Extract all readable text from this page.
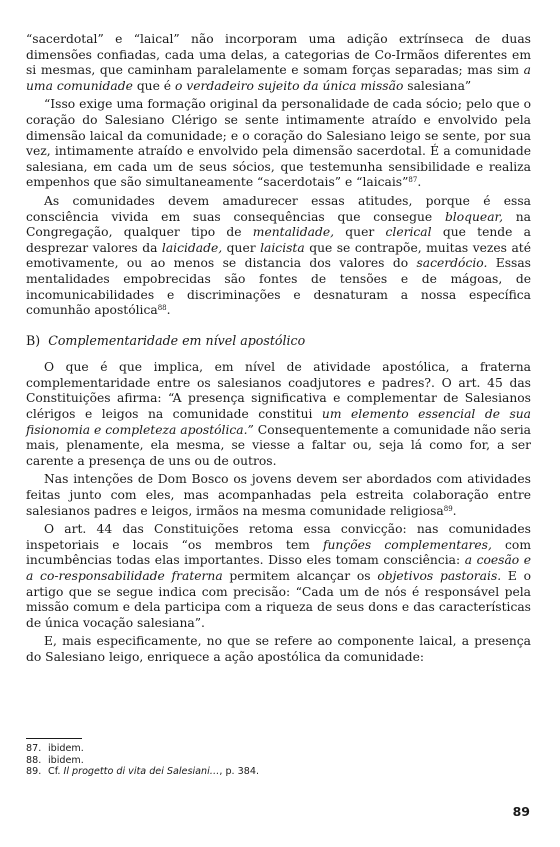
“sacerdotal” e “laical” não incorporam uma adição extrínseca de duas dimensões confiadas, cada uma delas, a categorias de Co-Irmãos diferentes em si mesmas, que caminham paralelamente e somam forças separadas; mas sim a uma comunidade que é o verdadeiro sujeito da única missão salesiana”

“Isso exige uma formação original da personalidade de cada sócio; pelo que o coração do Salesiano Clérigo se sente intimamente atraído e envolvido pela dimensão laical da comunidade; e o coração do Salesiano leigo se sente, por sua vez, intimamente atraído e envolvido pela dimensão sacerdotal. É a comunidade salesiana, em cada um de seus sócios, que testemunha sensibilidade e realiza empenhos que são simultaneamente “sacerdotais” e “laicais”$^{87}$.

As comunidades devem amadurecer essas atitudes, porque é essa consciência vivida em suas consequências que consegue bloquear, na Congregação, qualquer tipo de mentalidade, quer clerical que tende a desprezar valores da laicidade, quer laicista que se contrapõe, muitas vezes até emotivamente, ou ao menos se distancia dos valores do sacerdócio. Essas mentalidades empobrecidas são fontes de tensões e de mágoas, de incomunicabilidades e discriminações e desnaturam a nossa específica comunhão apostólica$^{88}$.

B) Complementaridade em nível apostólico

O que é que implica, em nível de atividade apostólica, a fraterna complementaridade entre os salesianos coadjutores e padres?. O art. 45 das Constituições afirma: “A presença significativa e complementar de Salesianos clérigos e leigos na comunidade constitui um elemento essencial de sua fisionomia e completeza apostólica.” Consequentemente a comunidade não seria mais, plenamente, ela mesma, se viesse a faltar ou, seja lá como for, a ser carente a presença de uns ou de outros.

Nas intenções de Dom Bosco os jovens devem ser abordados com atividades feitas junto com eles, mas acompanhadas pela estreita colaboração entre salesianos padres e leigos, irmãos na mesma comunidade religiosa$^{89}$.

O art. 44 das Constituições retoma essa convicção: nas comunidades inspetoriais e locais “os membros tem funções complementares, com incumbências todas elas importantes. Disso eles tomam consciência: a coesão e a co-responsabilidade fraterna permitem alcançar os objetivos pastorais. E o artigo que se segue indica com precisão: “Cada um de nós é responsável pela missão comum e dela participa com a riqueza de seus dons e das características de única vocação salesiana”.

E, mais especificamente, no que se refere ao componente laical, a presença do Salesiano leigo, enriquece a ação apostólica da comunidade:

87. ibidem.
88. ibidem.
89. Cf. Il progetto di vita dei Salesiani…, p. 384.
89
